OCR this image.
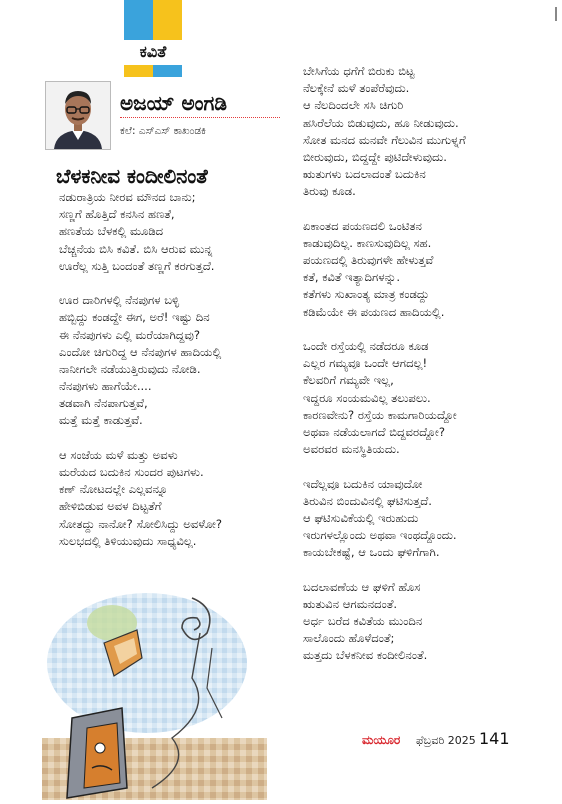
ಕವಿತೆ
ಅಜಯ್ ಅಂಗಡಿ
ಕಲೆ: ಎಸ್‌ಎಸ್ ಕಾಖಂಡಕಿ
ಬೆಳಕನೀವ ಕಂದೀಲಿನಂತೆ
ನಡುರಾತ್ರಿಯ ನೀರವ ಮೌನದ ಬಾನು;
ಸಣ್ಣಗೆ ಹೊತ್ತಿದೆ ಕನಸಿನ ಹಣತೆ,
ಹಣತೆಯ ಬೆಳಕಲ್ಲಿ ಮೂಡಿದ
ಬೆಚ್ಚನೆಯ ಬಿಸಿ ಕವಿತೆ. ಬಿಸಿ ಆರುವ ಮುನ್ನ
ಊರೆಲ್ಲ ಸುತ್ತಿ ಬಂದಂತೆ ತಣ್ಣಗೆ ಕರಗುತ್ತದೆ.
ಊರ ದಾರಿಗಳಲ್ಲಿ ನೆನಪುಗಳ ಬಳ್ಳಿ
ಹಬ್ಬಿದ್ದು ಕಂಡದ್ದೇ ಈಗ, ಅರೆ! ಇಷ್ಟು ದಿನ
ಈ ನೆನಪುಗಳು ಎಲ್ಲಿ ಮರೆಯಾಗಿದ್ದವು?
ಎಂದೋ ಚಿಗುರಿದ್ದ ಆ ನೆನಪುಗಳ ಹಾದಿಯಲ್ಲಿ
ನಾನೀಗಲೇ ನಡೆಯುತ್ತಿರುವುದು ನೋಡಿ.
ನೆನಪುಗಳು ಹಾಗೆಯೇ....
ತಡವಾಗಿ ನೆನಪಾಗುತ್ತವೆ,
ಮತ್ತೆ ಮತ್ತೆ ಕಾಡುತ್ತವೆ.
ಆ ಸಂಜೆಯ ಮಳೆ ಮತ್ತು ಅವಳು
ಮರೆಯದ ಬದುಕಿನ ಸುಂದರ ಪುಟಗಳು.
ಕಣ್ ನೋಟದಲ್ಲೇ ಎಲ್ಲವನ್ನೂ
ಹೇಳಿಬಿಡುವ ಅವಳ ದಿಟ್ಟತೆಗೆ
ಸೋತದ್ದು ನಾನೋ? ಸೋಲಿಸಿದ್ದು ಅವಳೋ?
ಸುಲಭದಲ್ಲಿ ತಿಳಿಯುವುದು ಸಾಧ್ಯವಿಲ್ಲ.
ಬೇಸಿಗೆಯ ಧಗೆಗೆ ಬಿರುಕು ಬಿಟ್ಟ
ನೆಲಕ್ಕೇನೆ ಮಳೆ ತಂಪೆರೆವುದು.
ಆ ನೆಲದಿಂದಲೇ ಸಸಿ ಚಿಗುರಿ
ಹಸಿರೆಲೆಯ ಬಿಡುವುದು, ಹೂ ನೀಡುವುದು.
ಸೋತ ಮನದ ಮನವೇ ಗೆಲುವಿನ ಮುಗುಳ್ನಗೆ
ಬೀರುವುದು, ಬಿದ್ದದ್ದೇ ಪುಟಿದೇಳುವುದು.
ಋತುಗಳು ಬದಲಾದಂತೆ ಬದುಕಿನ
ತಿರುವು ಕೂಡ.
ಏಕಾಂತದ ಪಯಣದಲಿ ಒಂಟಿತನ
ಕಾಡುವುದಿಲ್ಲ. ಕಾಣಸುವುದಿಲ್ಲ ಸಹ.
ಪಯಣದಲ್ಲಿ ತಿರುವುಗಳೇ ಹೇಳುತ್ತವೆ
ಕತೆ, ಕವಿತೆ ಇತ್ಯಾದಿಗಳನ್ನು.
ಕತೆಗಳು ಸುಖಾಂತ್ಯ ಮಾತ್ರ ಕಂಡದ್ದು
ಕಡಿಮೆಯೇ ಈ ಪಯಣದ ಹಾದಿಯಲ್ಲಿ.
ಒಂದೇ ರಸ್ತೆಯಲ್ಲಿ ನಡೆದರೂ ಕೂಡ
ಎಲ್ಲರ ಗಮ್ಯವೂ ಒಂದೇ ಆಗದಲ್ಲ!
ಕೆಲವರಿಗೆ ಗಮ್ಯವೇ ಇಲ್ಲ,
ಇದ್ದರೂ ಸಂಯಮವಿಲ್ಲ ತಲುಪಲು.
ಕಾರಣವೇನು? ರಸ್ತೆಯ ಕಾಮಗಾರಿಯದ್ದೋ
ಅಥವಾ ನಡೆಯಲಾಗದೆ ಬಿದ್ದವರದ್ದೋ?
ಅವರವರ ಮನಸ್ಥಿತಿಯದು.
ಇದೆಲ್ಲವೂ ಬದುಕಿನ ಯಾವುದೋ
ತಿರುವಿನ ಬಿಂದುವಿನಲ್ಲಿ ಘಟಿಸುತ್ತದೆ.
ಆ ಘಟಿಸುವಿಕೆಯಲ್ಲಿ ಇರುಹುದು
ಇರುಗಳಲ್ಲೊಂದು ಅಥವಾ ಇಂಥದ್ದೊಂದು.
ಕಾಯಬೇಕಷ್ಟೆ, ಆ ಒಂದು ಘಳಿಗೆಗಾಗಿ.
ಬದಲಾವಣೆಯ ಆ ಘಳಿಗೆ ಹೊಸ
ಋತುವಿನ ಆಗಮನದಂತೆ.
ಅರ್ಧ ಬರೆದ ಕವಿತೆಯ ಮುಂದಿನ
ಸಾಲೊಂದು ಹೊಳೆದಂತೆ;
ಮತ್ತದು ಬೆಳಕನೀವ ಕಂದೀಲಿನಂತೆ.
ಮಯೂರ ಫೆಬ್ರವರಿ 2025 141
